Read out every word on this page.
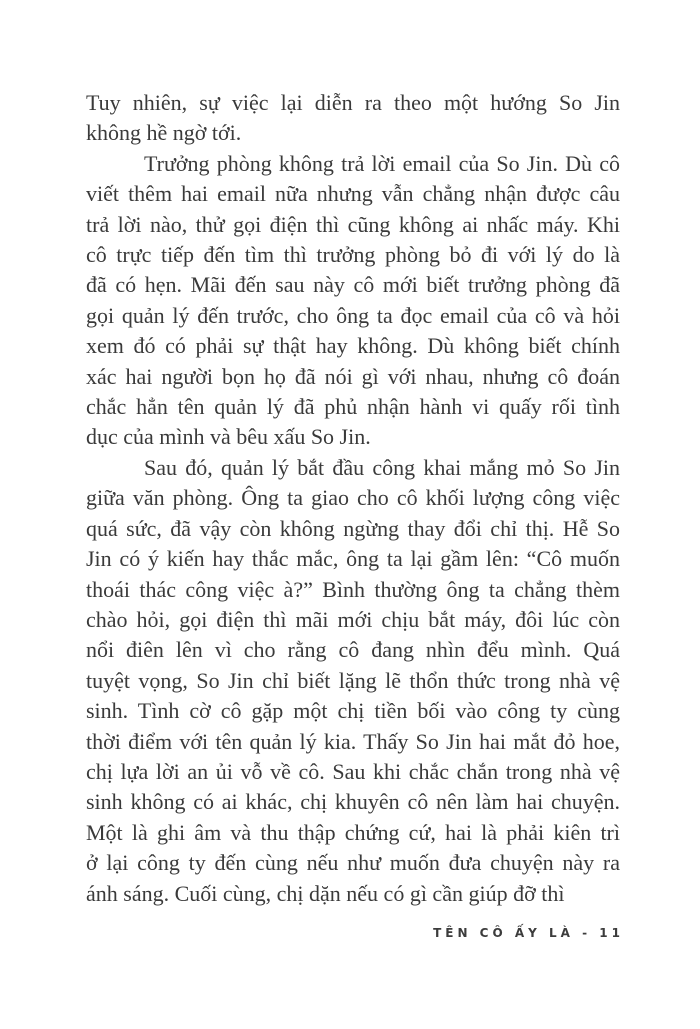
Tuy nhiên, sự việc lại diễn ra theo một hướng So Jin
không hề ngờ tới.
Trưởng phòng không trả lời email của So Jin. Dù cô
viết thêm hai email nữa nhưng vẫn chẳng nhận được câu
trả lời nào, thử gọi điện thì cũng không ai nhấc máy. Khi
cô trực tiếp đến tìm thì trưởng phòng bỏ đi với lý do là
đã có hẹn. Mãi đến sau này cô mới biết trưởng phòng đã
gọi quản lý đến trước, cho ông ta đọc email của cô và hỏi
xem đó có phải sự thật hay không. Dù không biết chính
xác hai người bọn họ đã nói gì với nhau, nhưng cô đoán
chắc hẳn tên quản lý đã phủ nhận hành vi quấy rối tình
dục của mình và bêu xấu So Jin.
Sau đó, quản lý bắt đầu công khai mắng mỏ So Jin
giữa văn phòng. Ông ta giao cho cô khối lượng công việc
quá sức, đã vậy còn không ngừng thay đổi chỉ thị. Hễ So
Jin có ý kiến hay thắc mắc, ông ta lại gầm lên: “Cô muốn
thoái thác công việc à?” Bình thường ông ta chẳng thèm
chào hỏi, gọi điện thì mãi mới chịu bắt máy, đôi lúc còn
nổi điên lên vì cho rằng cô đang nhìn đểu mình. Quá
tuyệt vọng, So Jin chỉ biết lặng lẽ thổn thức trong nhà vệ
sinh. Tình cờ cô gặp một chị tiền bối vào công ty cùng
thời điểm với tên quản lý kia. Thấy So Jin hai mắt đỏ hoe,
chị lựa lời an ủi vỗ về cô. Sau khi chắc chắn trong nhà vệ
sinh không có ai khác, chị khuyên cô nên làm hai chuyện.
Một là ghi âm và thu thập chứng cứ, hai là phải kiên trì
ở lại công ty đến cùng nếu như muốn đưa chuyện này ra
ánh sáng. Cuối cùng, chị dặn nếu có gì cần giúp đỡ thì
TÊN CÔ ẤY LÀ - 11
